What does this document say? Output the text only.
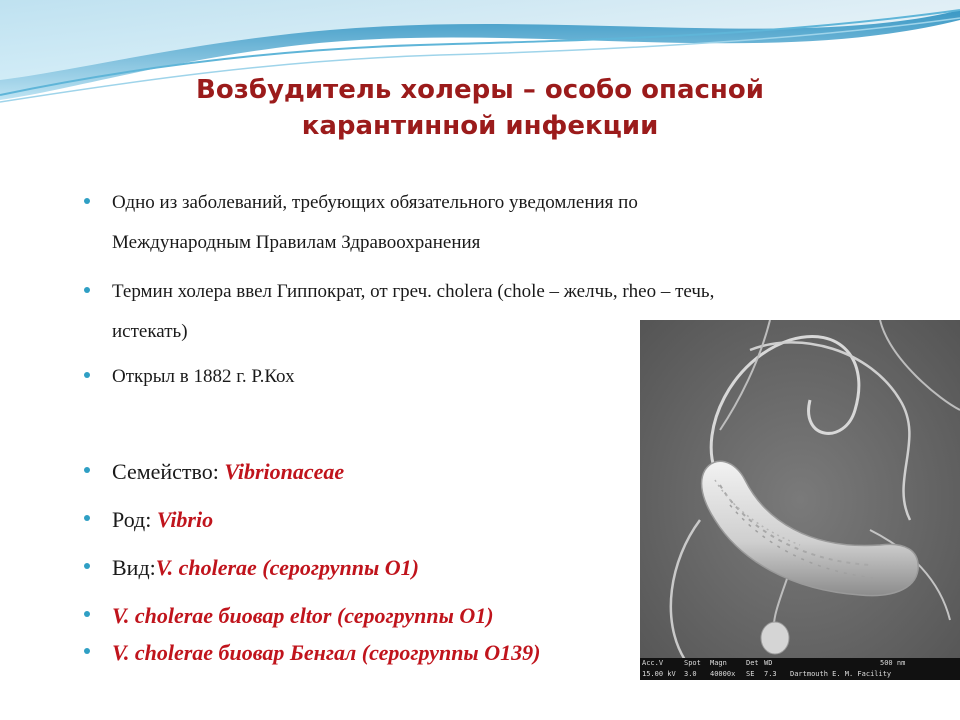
Возбудитель холеры – особо опасной
карантинной инфекции
Одно из заболеваний, требующих обязательного уведомления по
Международным Правилам Здравоохранения
Термин холера ввел Гиппократ, от греч. cholera (chole – желчь, rheo – течь,
истекать)
Открыл в 1882 г. Р.Кох
Семейство: Vibrionaceae
Род: Vibrio
Вид:V. cholerae (серогруппы О1)
V. cholerae биовар eltor (серогруппы О1)
V. cholerae биовар Бенгал (серогруппы О139)	Acc.V
15.00 kV
Spot
3.0
Magn
40000x
Det
SE
WD
7.3
500 nm
Dartmouth E. M. Facility
